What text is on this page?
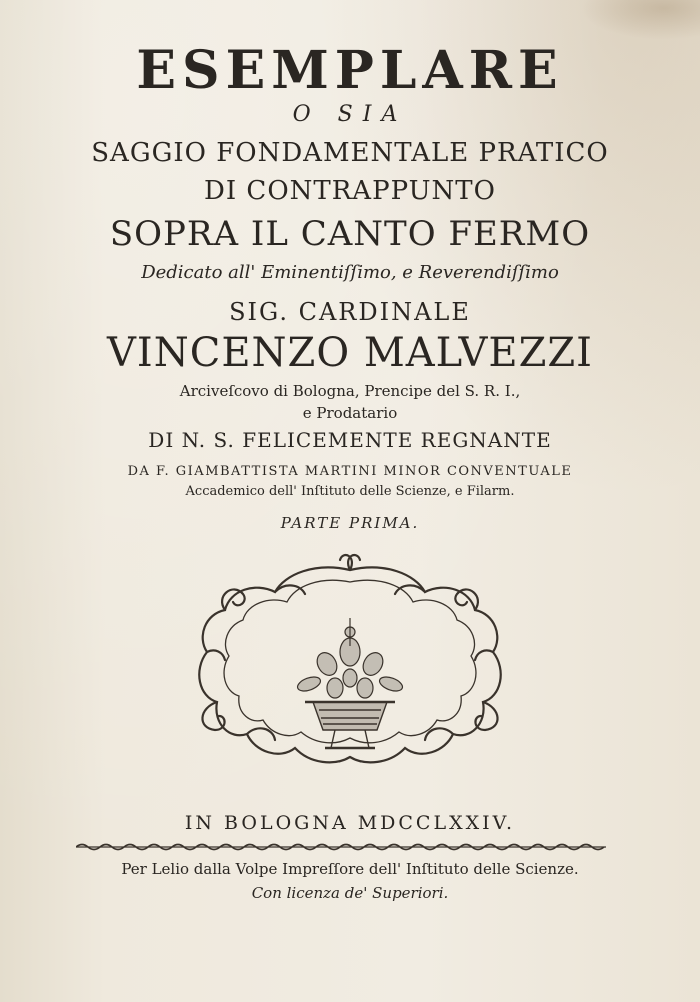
ESEMPLARE

O SIA

SAGGIO FONDAMENTALE PRATICO

DI CONTRAPPUNTO

SOPRA IL CANTO FERMO

Dedicato all' Eminentiſſimo, e Reverendiſſimo

SIG. CARDINALE

VINCENZO MALVEZZI

Arciveſcovo di Bologna, Prencipe del S. R. I.,

e Prodatario

DI N. S. FELICEMENTE REGNANTE

DA F. GIAMBATTISTA MARTINI MINOR CONVENTUALE

Accademico dell' Inſtituto delle Scienze, e Filarm.

PARTE PRIMA.

IN BOLOGNA MDCCLXXIV.

Per Lelio dalla Volpe Impreſſore dell' Inſtituto delle Scienze.

Con licenza de' Superiori.
